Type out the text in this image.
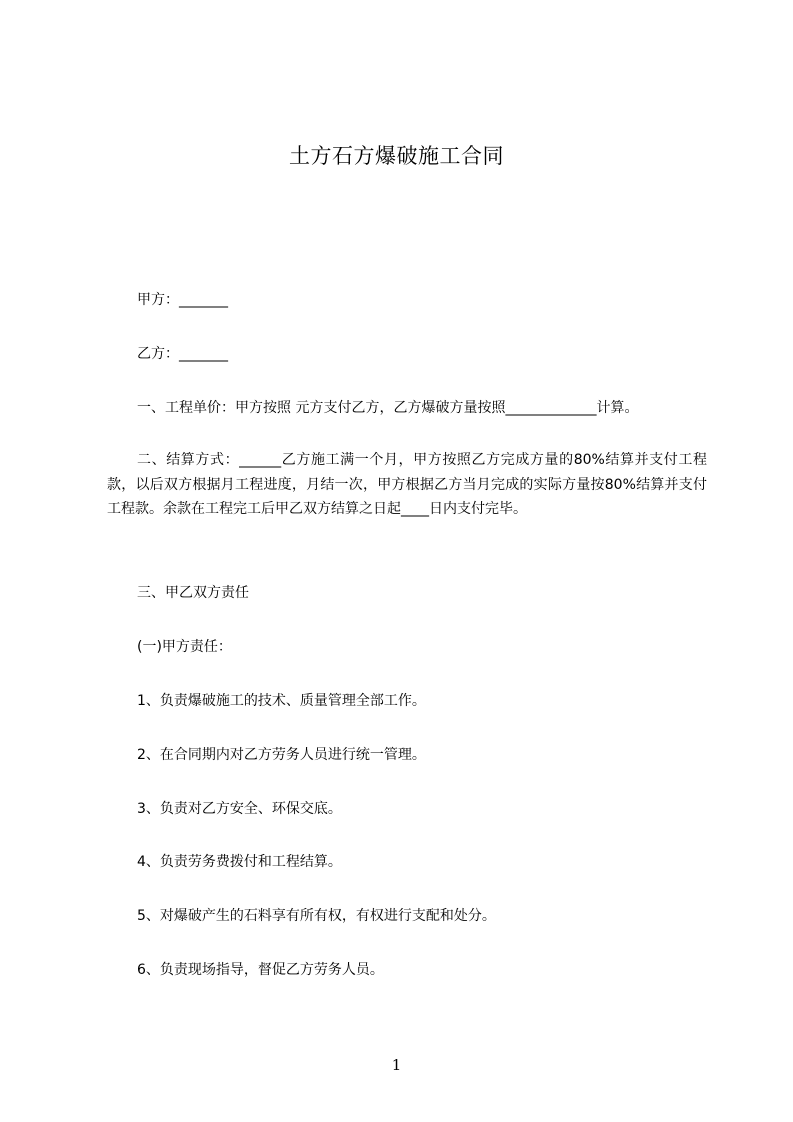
土方石方爆破施工合同
甲方：_______
乙方：_______
一、工程单价：甲方按照 元方支付乙方，乙方爆破方量按照_____________计算。
二、结算方式：______乙方施工满一个月，甲方按照乙方完成方量的80%结算并支付工程款，以后双方根据月工程进度，月结一次，甲方根据乙方当月完成的实际方量按80%结算并支付工程款。余款在工程完工后甲乙双方结算之日起____日内支付完毕。
三、甲乙双方责任
(一)甲方责任：
1、负责爆破施工的技术、质量管理全部工作。
2、在合同期内对乙方劳务人员进行统一管理。
3、负责对乙方安全、环保交底。
4、负责劳务费拨付和工程结算。
5、对爆破产生的石料享有所有权，有权进行支配和处分。
6、负责现场指导，督促乙方劳务人员。
1
